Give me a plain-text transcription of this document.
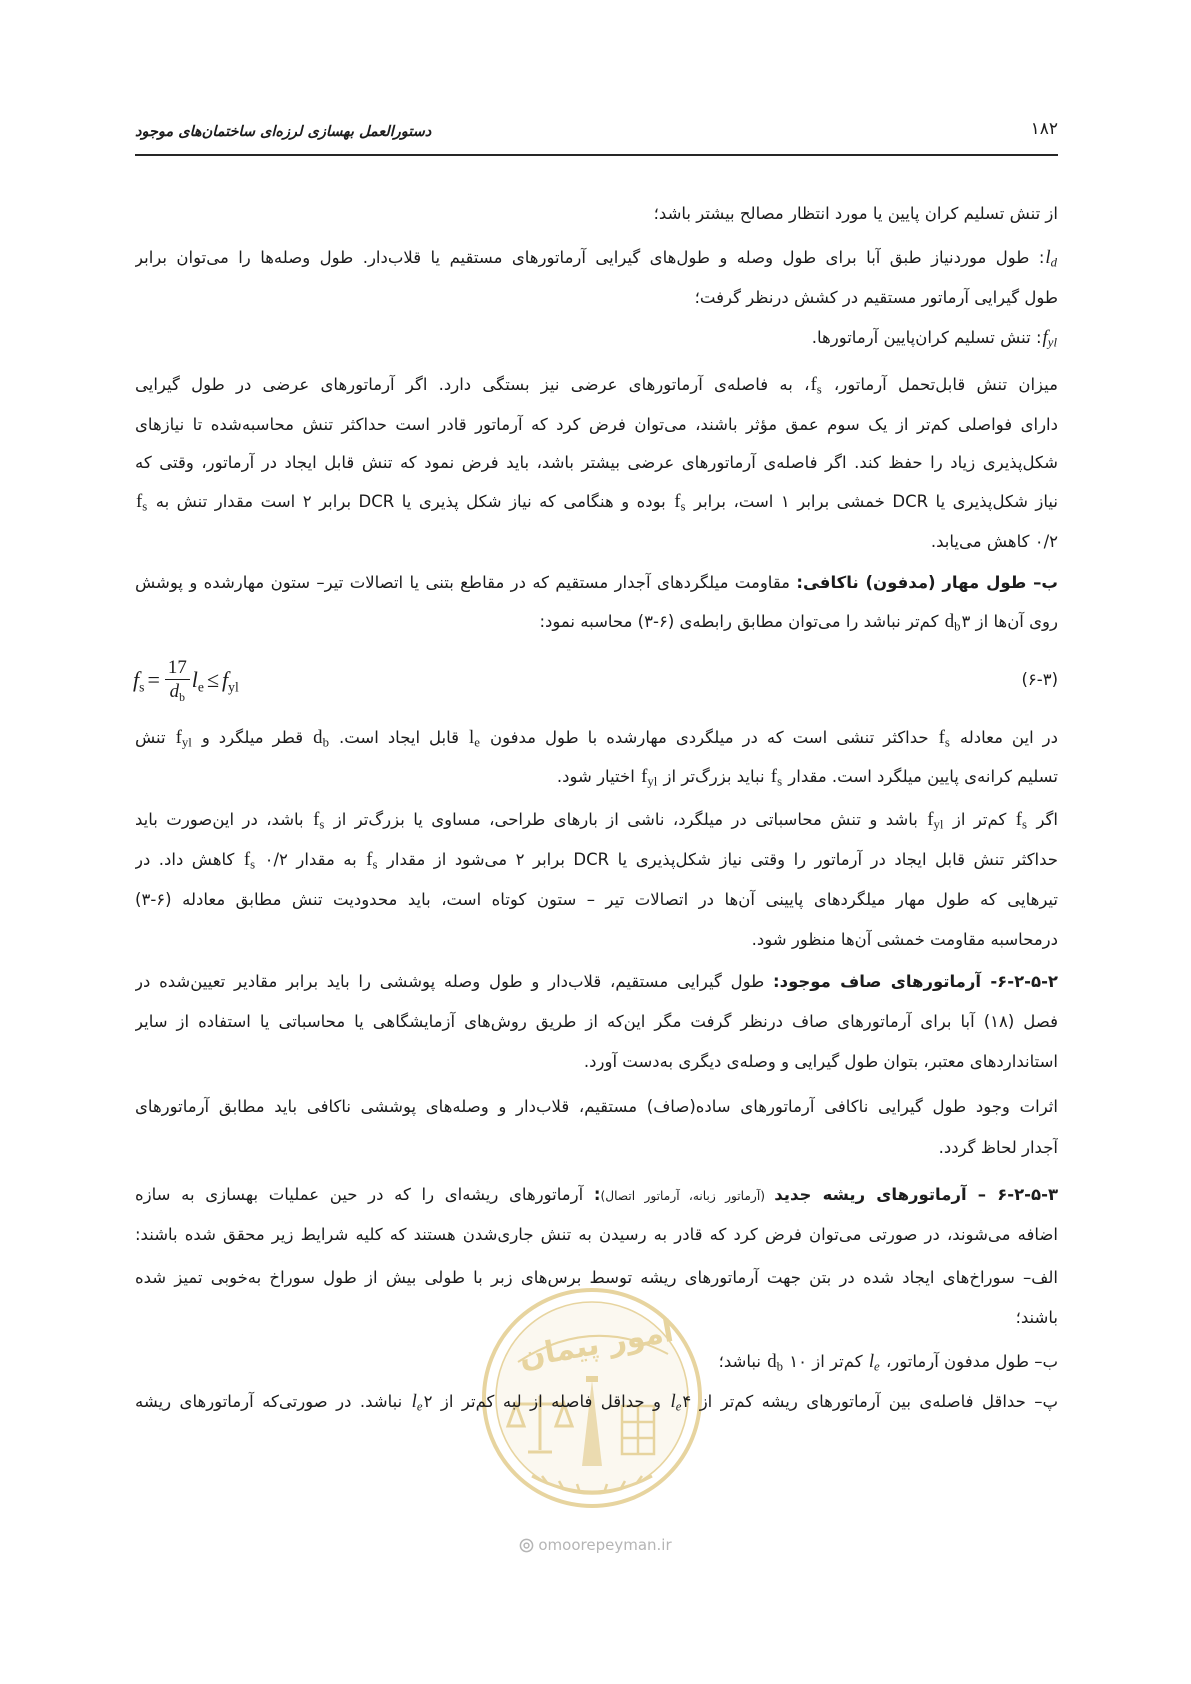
۱۸۲
دستورالعمل بهسازی لرزه‌ای ساختمان‌های موجود
امور پیمان
از تنش تسلیم کران پایین یا مورد انتظار مصالح بیشتر باشد؛
$l_d$: طول موردنیاز طبق آبا برای طول وصله و طول‌های گیرایی آرماتورهای مستقیم یا قلاب‌دار. طول وصله‌ها را می‌توان برابر
طول گیرایی آرماتور مستقیم در کشش درنظر گرفت؛
$f_{yl}$: تنش تسلیم کران‌پایین آرماتورها.
میزان تنش قابل‌تحمل آرماتور، $f_s،$ به فاصله‌ی آرماتورهای عرضی نیز بستگی دارد. اگر آرماتورهای عرضی در طول گیرایی
دارای فواصلی کم‌تر از یک سوم عمق مؤثر باشند، می‌توان فرض کرد که آرماتور قادر است حداکثر تنش محاسبه‌شده تا نیازهای
شکل‌پذیری زیاد را حفظ کند. اگر فاصله‌ی آرماتورهای عرضی بیشتر باشد، باید فرض نمود که تنش قابل ایجاد در آرماتور، وقتی که
نیاز شکل‌پذیری یا DCR خمشی برابر ۱ است، برابر $f_s$ بوده و هنگامی که نیاز شکل پذیری یا DCR برابر ۲ است مقدار تنش به $f_s$
۰/۲ کاهش می‌یابد.
ب– طول مهار (مدفون) ناکافی: مقاومت میلگردهای آجدار مستقیم که در مقاطع بتنی یا اتصالات تیر– ستون مهارشده و پوشش
روی آن‌ها از $۳d_b$ کم‌تر نباشد را می‌توان مطابق رابطه‌ی (۶-۳) محاسبه نمود:
$f_s = \frac{17}{d_b} l_e \le f_{yl}$	(۶-۳)
در این معادله $f_s$ حداکثر تنشی است که در میلگردی مهارشده با طول مدفون $l_e$ قابل ایجاد است. $d_b$ قطر میلگرد و $f_{yl}$ تنش
تسلیم کرانه‌ی پایین میلگرد است. مقدار $f_s$ نباید بزرگ‌تر از $f_{yl}$ اختیار شود.
اگر $f_s$ کم‌تر از $f_{yl}$ باشد و تنش محاسباتی در میلگرد، ناشی از بارهای طراحی، مساوی یا بزرگ‌تر از $f_s$ باشد، در این‌صورت باید
حداکثر تنش قابل ایجاد در آرماتور را وقتی نیاز شکل‌پذیری یا DCR برابر ۲ می‌شود از مقدار $f_s$ به مقدار ۰/۲ $f_s$ کاهش داد. در
تیرهایی که طول مهار میلگردهای پایینی آن‌ها در اتصالات تیر – ستون کوتاه است، باید محدودیت تنش مطابق معادله (۶-۳)
درمحاسبه مقاومت خمشی آن‌ها منظور شود.
۶-۲-۵-۲- آرماتورهای صاف موجود: طول گیرایی مستقیم، قلاب‌دار و طول وصله پوششی را باید برابر مقادیر تعیین‌شده در
فصل (۱۸) آبا برای آرماتورهای صاف درنظر گرفت مگر این‌که از طریق روش‌های آزمایشگاهی یا محاسباتی یا استفاده از سایر
استانداردهای معتبر، بتوان طول گیرایی و وصله‌ی دیگری به‌دست آورد.
اثرات وجود طول گیرایی ناکافی آرماتورهای ساده(صاف) مستقیم، قلاب‌دار و وصله‌های پوششی ناکافی باید مطابق آرماتورهای
آجدار لحاظ گردد.
۶-۲-۵-۳ – آرماتورهای ریشه جدید (آرماتور زبانه، آرماتور اتصال): آرماتورهای ریشه‌ای را که در حین عملیات بهسازی به سازه
اضافه می‌شوند، در صورتی می‌توان فرض کرد که قادر به رسیدن به تنش جاری‌شدن هستند که کلیه شرایط زیر محقق شده باشند:
الف– سوراخ‌های ایجاد شده در بتن جهت آرماتورهای ریشه توسط برس‌های زبر با طولی بیش از طول سوراخ به‌خوبی تمیز شده
باشند؛
ب– طول مدفون آرماتور، $l_e$ کم‌تر از ۱۰ $d_b$ نباشد؛
پ– حداقل فاصله‌ی بین آرماتورهای ریشه کم‌تر از $۴l_e$ و حداقل فاصله از لبه کم‌تر از $۲l_e$ نباشد. در صورتی‌که آرماتورهای ریشه
omoorepeyman.ir
